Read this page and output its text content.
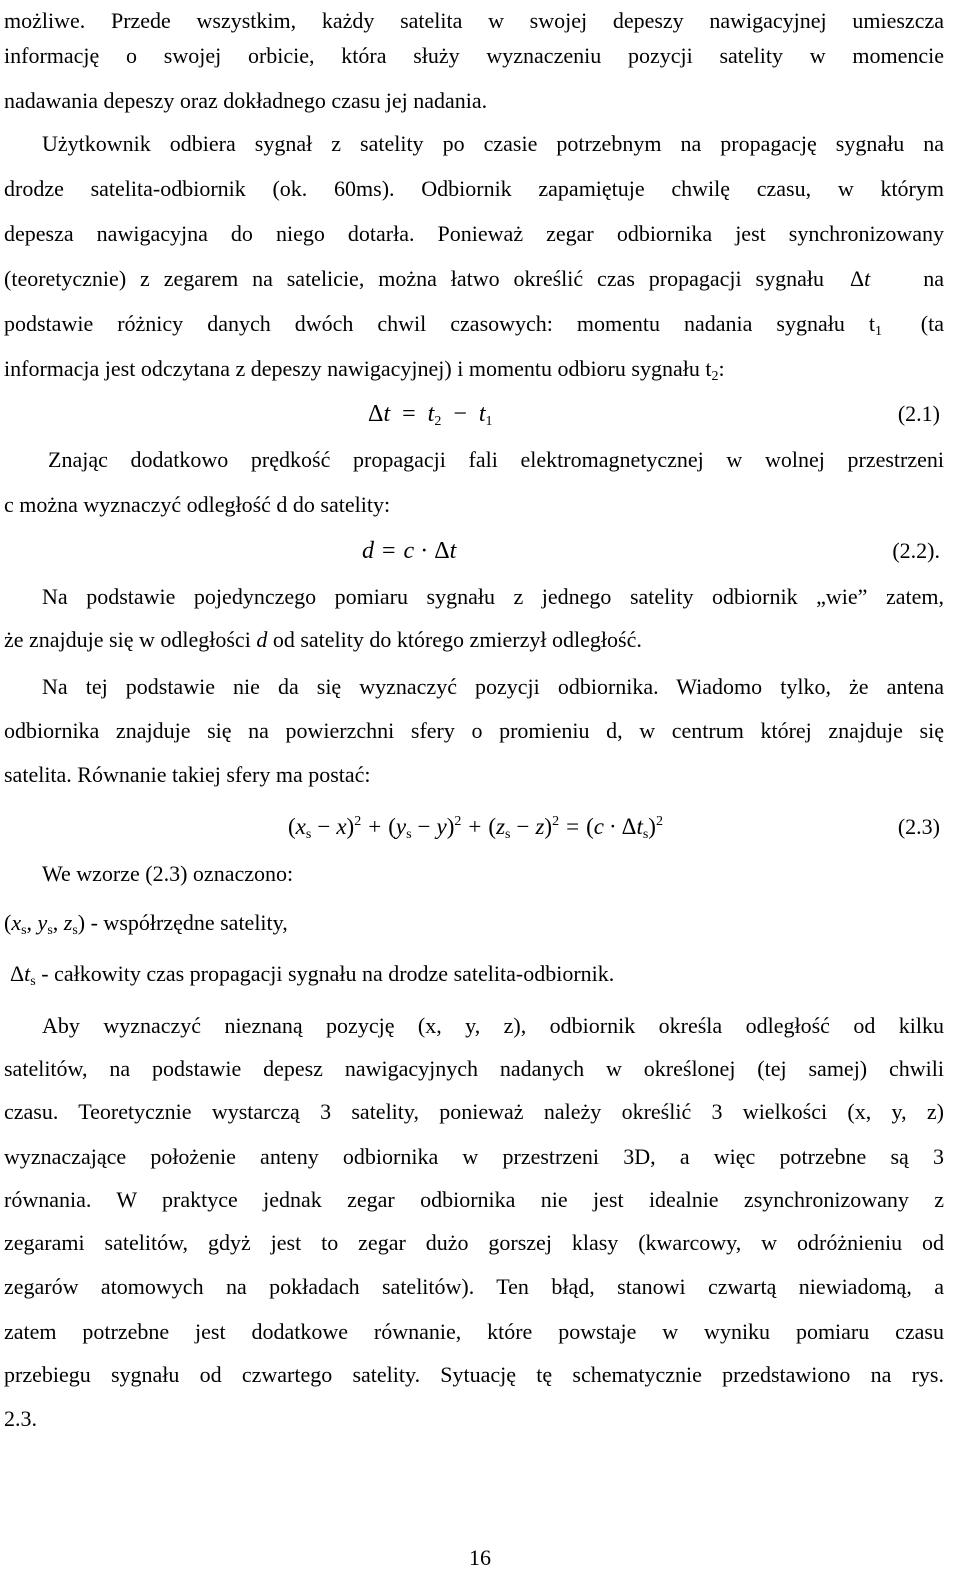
możliwe. Przede wszystkim, każdy satelita w swojej depeszy nawigacyjnej umieszcza
informację o swojej orbicie, która służy wyznaczeniu pozycji satelity w momencie
nadawania depeszy oraz dokładnego czasu jej nadania.
Użytkownik odbiera sygnał z satelity po czasie potrzebnym na propagację sygnału na
drodze satelita-odbiornik (ok. 60ms). Odbiornik zapamiętuje chwilę czasu, w którym
depesza nawigacyjna do niego dotarła. Ponieważ zegar odbiornika jest synchronizowany
(teoretycznie) z zegarem na satelicie, można łatwo określić czas propagacji sygnału Δt na
podstawie różnicy danych dwóch chwil czasowych: momentu nadania sygnału $t_1$ (ta
informacja jest odczytana z depeszy nawigacyjnej) i momentu odbioru sygnału $t_2$:
$\Delta t = t_2 - t_1$	(2.1)
Znając dodatkowo prędkość propagacji fali elektromagnetycznej w wolnej przestrzeni
c można wyznaczyć odległość d do satelity:
d = c · Δt	(2.2).
Na podstawie pojedynczego pomiaru sygnału z jednego satelity odbiornik „wie” zatem,
że znajduje się w odległości d od satelity do którego zmierzył odległość.
Na tej podstawie nie da się wyznaczyć pozycji odbiornika. Wiadomo tylko, że antena
odbiornika znajduje się na powierzchni sfery o promieniu d, w centrum której znajduje się
satelita. Równanie takiej sfery ma postać:
$(x_s - x)^2 + (y_s - y)^2 + (z_s - z)^2 = (c \cdot \Delta t_s)^2$	(2.3)
We wzorze (2.3) oznaczono:
($x_s$, $y_s$, $z_s$) - współrzędne satelity,
$\Delta t_s$ - całkowity czas propagacji sygnału na drodze satelita-odbiornik.
Aby wyznaczyć nieznaną pozycję (x, y, z), odbiornik określa odległość od kilku
satelitów, na podstawie depesz nawigacyjnych nadanych w określonej (tej samej) chwili
czasu. Teoretycznie wystarczą 3 satelity, ponieważ należy określić 3 wielkości (x, y, z)
wyznaczające położenie anteny odbiornika w przestrzeni 3D, a więc potrzebne są 3
równania. W praktyce jednak zegar odbiornika nie jest idealnie zsynchronizowany z
zegarami satelitów, gdyż jest to zegar dużo gorszej klasy (kwarcowy, w odróżnieniu od
zegarów atomowych na pokładach satelitów). Ten błąd, stanowi czwartą niewiadomą, a
zatem potrzebne jest dodatkowe równanie, które powstaje w wyniku pomiaru czasu
przebiegu sygnału od czwartego satelity. Sytuację tę schematycznie przedstawiono na rys.
2.3.
16
